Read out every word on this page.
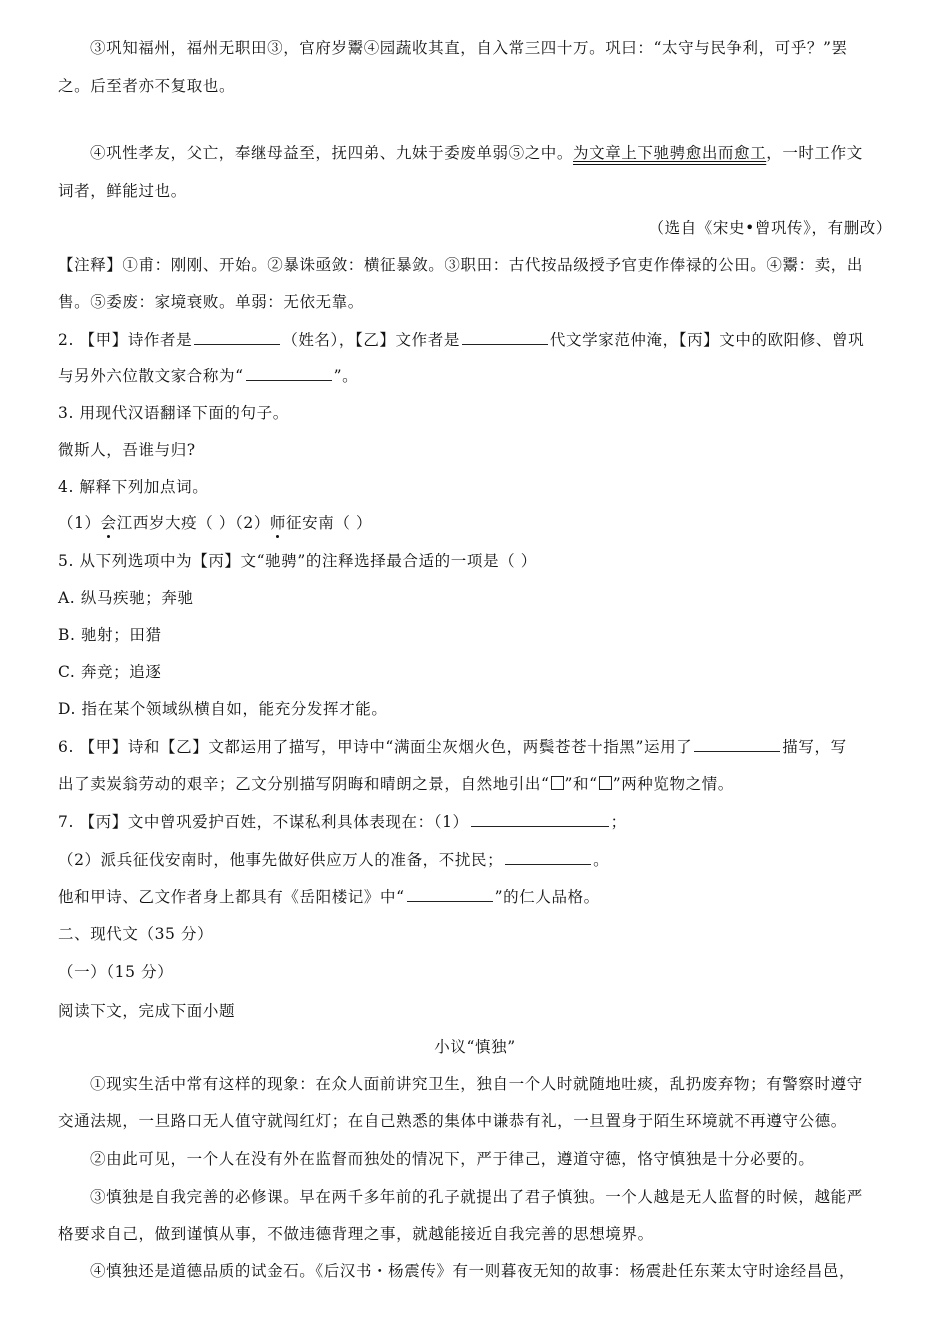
③巩知福州，福州无职田③，官府岁鬻④园蔬收其直，自入常三四十万。巩曰：“太守与民争利，可乎？”罢
之。后至者亦不复取也。
④巩性孝友，父亡，奉继母益至，抚四弟、九妹于委废单弱⑤之中。为文章上下驰骋愈出而愈工，一时工作文
词者，鲜能过也。
（选自《宋史•曾巩传》，有删改）
【注释】①甫：刚刚、开始。②暴诛亟敛：横征暴敛。③职田：古代按品级授予官吏作俸禄的公田。④鬻：卖，出
售。⑤委废：家境衰败。单弱：无依无靠。
2. 【甲】诗作者是	（姓名），【乙】文作者是	代文学家范仲淹，【丙】文中的欧阳修、曾巩
与另外六位散文家合称为“	”。
3. 用现代汉语翻译下面的句子。
微斯人，吾谁与归?
4. 解释下列加点词。
（1）会江西岁大疫（ ）（2）师征安南（ ）
5. 从下列选项中为【丙】文“驰骋”的注释选择最合适的一项是（ ）
A. 纵马疾驰；奔驰
B. 驰射；田猎
C. 奔竞；追逐
D. 指在某个领域纵横自如，能充分发挥才能。
6. 【甲】诗和【乙】文都运用了描写，甲诗中“满面尘灰烟火色，两鬓苍苍十指黑”运用了	描写，写
出了卖炭翁劳动的艰辛；乙文分别描写阴晦和晴朗之景，自然地引出“ ”和“ ”两种览物之情。
7. 【丙】文中曾巩爱护百姓，不谋私利具体表现在：（1）	；
（2）派兵征伐安南时，他事先做好供应万人的准备，不扰民；	。
他和甲诗、乙文作者身上都具有《岳阳楼记》中“	”的仁人品格。
二、现代文（35 分）
（一）（15 分）
阅读下文，完成下面小题
小议“慎独”
①现实生活中常有这样的现象：在众人面前讲究卫生，独自一个人时就随地吐痰，乱扔废弃物；有警察时遵守
交通法规，一旦路口无人值守就闯红灯；在自己熟悉的集体中谦恭有礼，一旦置身于陌生环境就不再遵守公德。
②由此可见，一个人在没有外在监督而独处的情况下，严于律己，遵道守德，恪守慎独是十分必要的。
③慎独是自我完善的必修课。早在两千多年前的孔子就提出了君子慎独。一个人越是无人监督的时候，越能严
格要求自己，做到谨慎从事，不做违德背理之事，就越能接近自我完善的思想境界。
④慎独还是道德品质的试金石。《后汉书・杨震传》有一则暮夜无知的故事：杨震赴任东莱太守时途经昌邑，
